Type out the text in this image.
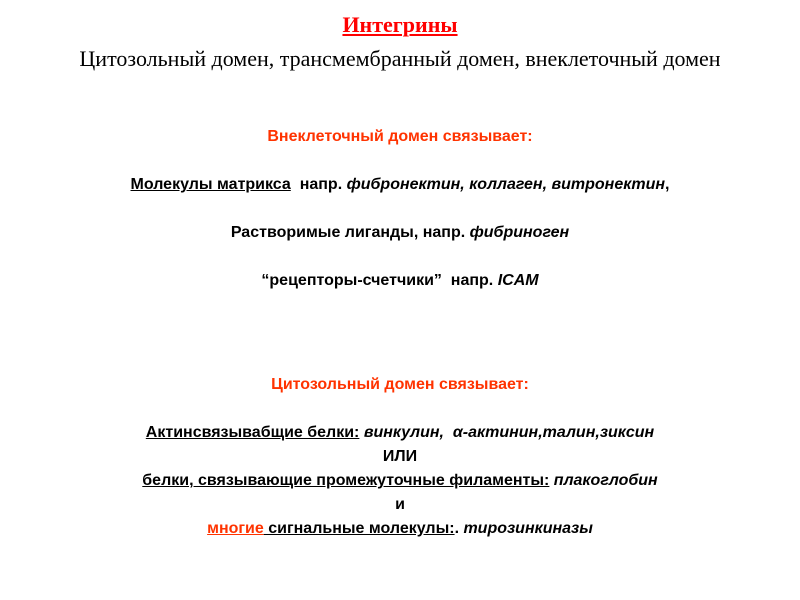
Интегрины
Цитозольный домен, трансмембранный домен, внеклеточный домен
Внеклеточный домен связывает:
Молекулы матрикса  напр. фибронектин, коллаген, витронектин,
Растворимые лиганды, напр. фибриноген
“рецепторы-счетчики”  напр. ICAM
Цитозольный домен связывает:
Актинсвязывабщие белки: винкулин,  α-актинин,талин,зиксин
ИЛИ
белки, связывающие промежуточные филаменты: плакоглобин
и
многие сигнальные молекулы:. тирозинкиназы
